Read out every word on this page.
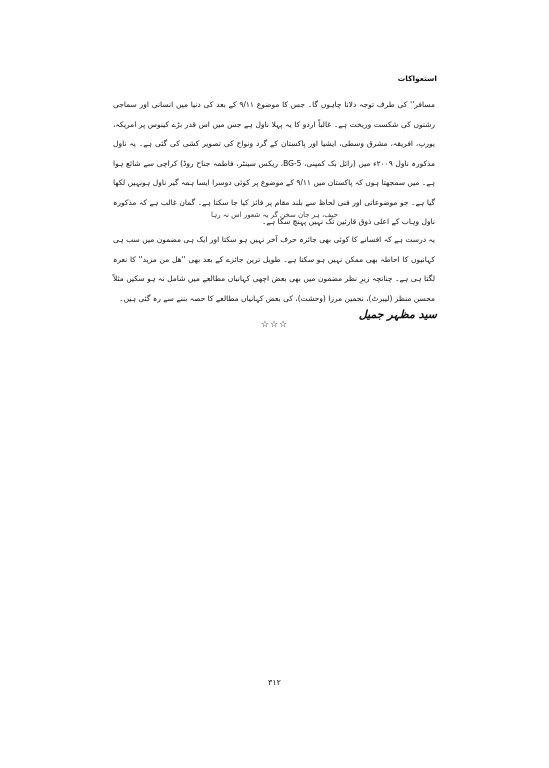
استعواکات

مسافر'' کی طرف توجہ دلانا چاہوں گا۔ جس کا موضوع ۹/۱۱ کے بعد کی دنیا میں انسانی اور سماجی رشتوں کی شکست وریخت ہے۔ غالباً اردو کا یہ پہلا ناول ہے جس میں اس قدر بڑے کینوس پر امریکہ، یورپ، افریقہ، مشرق وسطی، ایشیا اور پاکستان کے گرد ونواح کی تصویر کشی کی گئی ہے۔ یہ ناول مذکورہ ناول ۲۰۰۹ء میں (رائل بک کمپنی، BG-5، ریکس سینٹر، فاطمہ جناح روڈ) کراچی سے شائع ہوا ہے۔ میں سمجھتا ہوں کہ پاکستان میں ۹/۱۱ کے موضوع پر کوئی دوسرا ایسا ہمہ گیر ناول ہونہیں لکھا گیا ہے۔ جو موضوعاتی اور فنی لحاظ سے بلند مقام پر فائز کیا جا سکتا ہے۔ گمان غالب ہے کہ مذکورہ ناول وہاب کے اعلی ذوق قارئین تک نہیں پہنچ سکا ہے۔

حیف، ہر جان سخن گر یہ شعور اس نہ رہا

یہ درست ہے کہ افسانے کا کوئی بھی جائزہ حرف آخر نہیں ہو سکتا اور ایک ہی مضمون میں سب ہی کہانیوں کا احاطہ بھی ممکن نہیں ہو سکتا ہے۔ طویل ترین جائزے کے بعد بھی ''ھل من مزید'' کا نعرہ لگتا ہی ہے۔ چنانچہ زیرِ نظر مضمون میں بھی بعض اچھی کہانیاں مطالعے میں شامل نہ ہو سکیں مثلاً محسن منظر (لیبرٹ)، نجمین مرزا (وحشت)، کی بعض کہانیاں مطالعے کا حصہ بننے سے رہ گئی ہیں۔

سید مظہر جمیل
☆☆☆
۳۱۲
